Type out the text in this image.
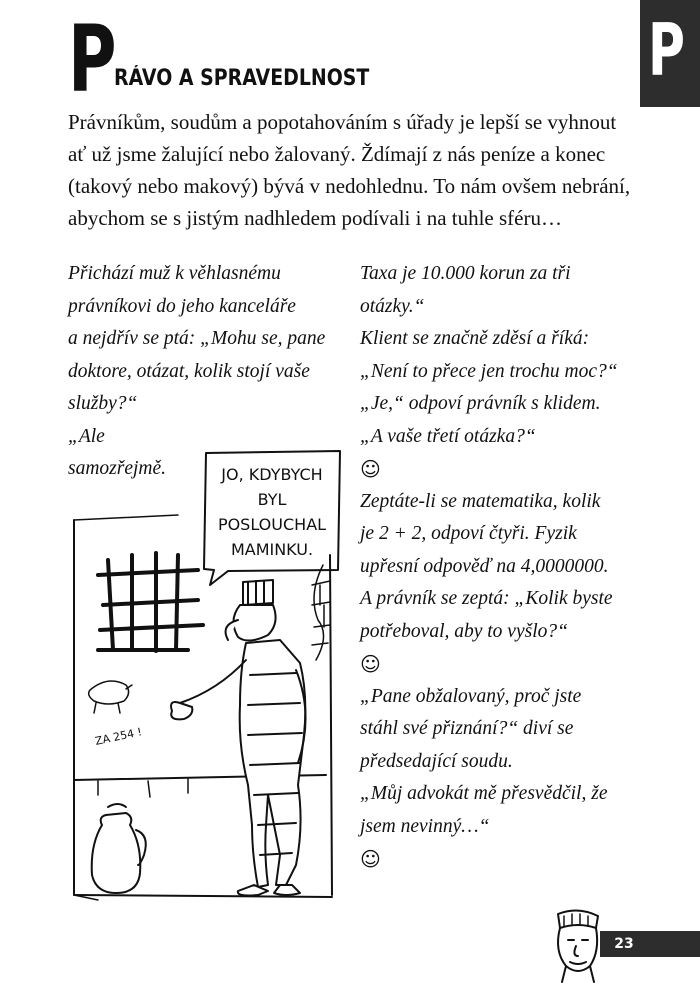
P
RÁVO A SPRAVEDLNOST	P
Právníkům, soudům a popotahováním s úřady je lepší se vyhnout
ať už jsme žalující nebo žalovaný. Ždímají z nás peníze a konec
(takový nebo makový) bývá v nedohlednu. To nám ovšem nebrání,
abychom se s jistým nadhledem podívali i na tuhle sféru…
Přichází muž k věhlasnému
právníkovi do jeho kanceláře
a nejdřív se ptá: „Mohu se, pane
doktore, otázat, kolik stojí vaše
služby?“
„Ale
samozřejmě.
Taxa je 10.000 korun za tři
otázky.“
Klient se značně zděsí a říká:
„Není to přece jen trochu moc?“
„Je,“ odpoví právník s klidem.
„A vaše třetí otázka?“
☺
Zeptáte-li se matematika, kolik
je 2 + 2, odpoví čtyři. Fyzik
upřesní odpověď na 4,0000000.
A právník se zeptá: „Kolik byste
potřeboval, aby to vyšlo?“
☺
„Pane obžalovaný, proč jste
stáhl své přiznání?“ diví se
předsedající soudu.
„Můj advokát mě přesvědčil, že
jsem nevinný…“
☺
JO, KDYBYCH
BYL
POSLOUCHAL
MAMINKU.
ZA 254 !
23
